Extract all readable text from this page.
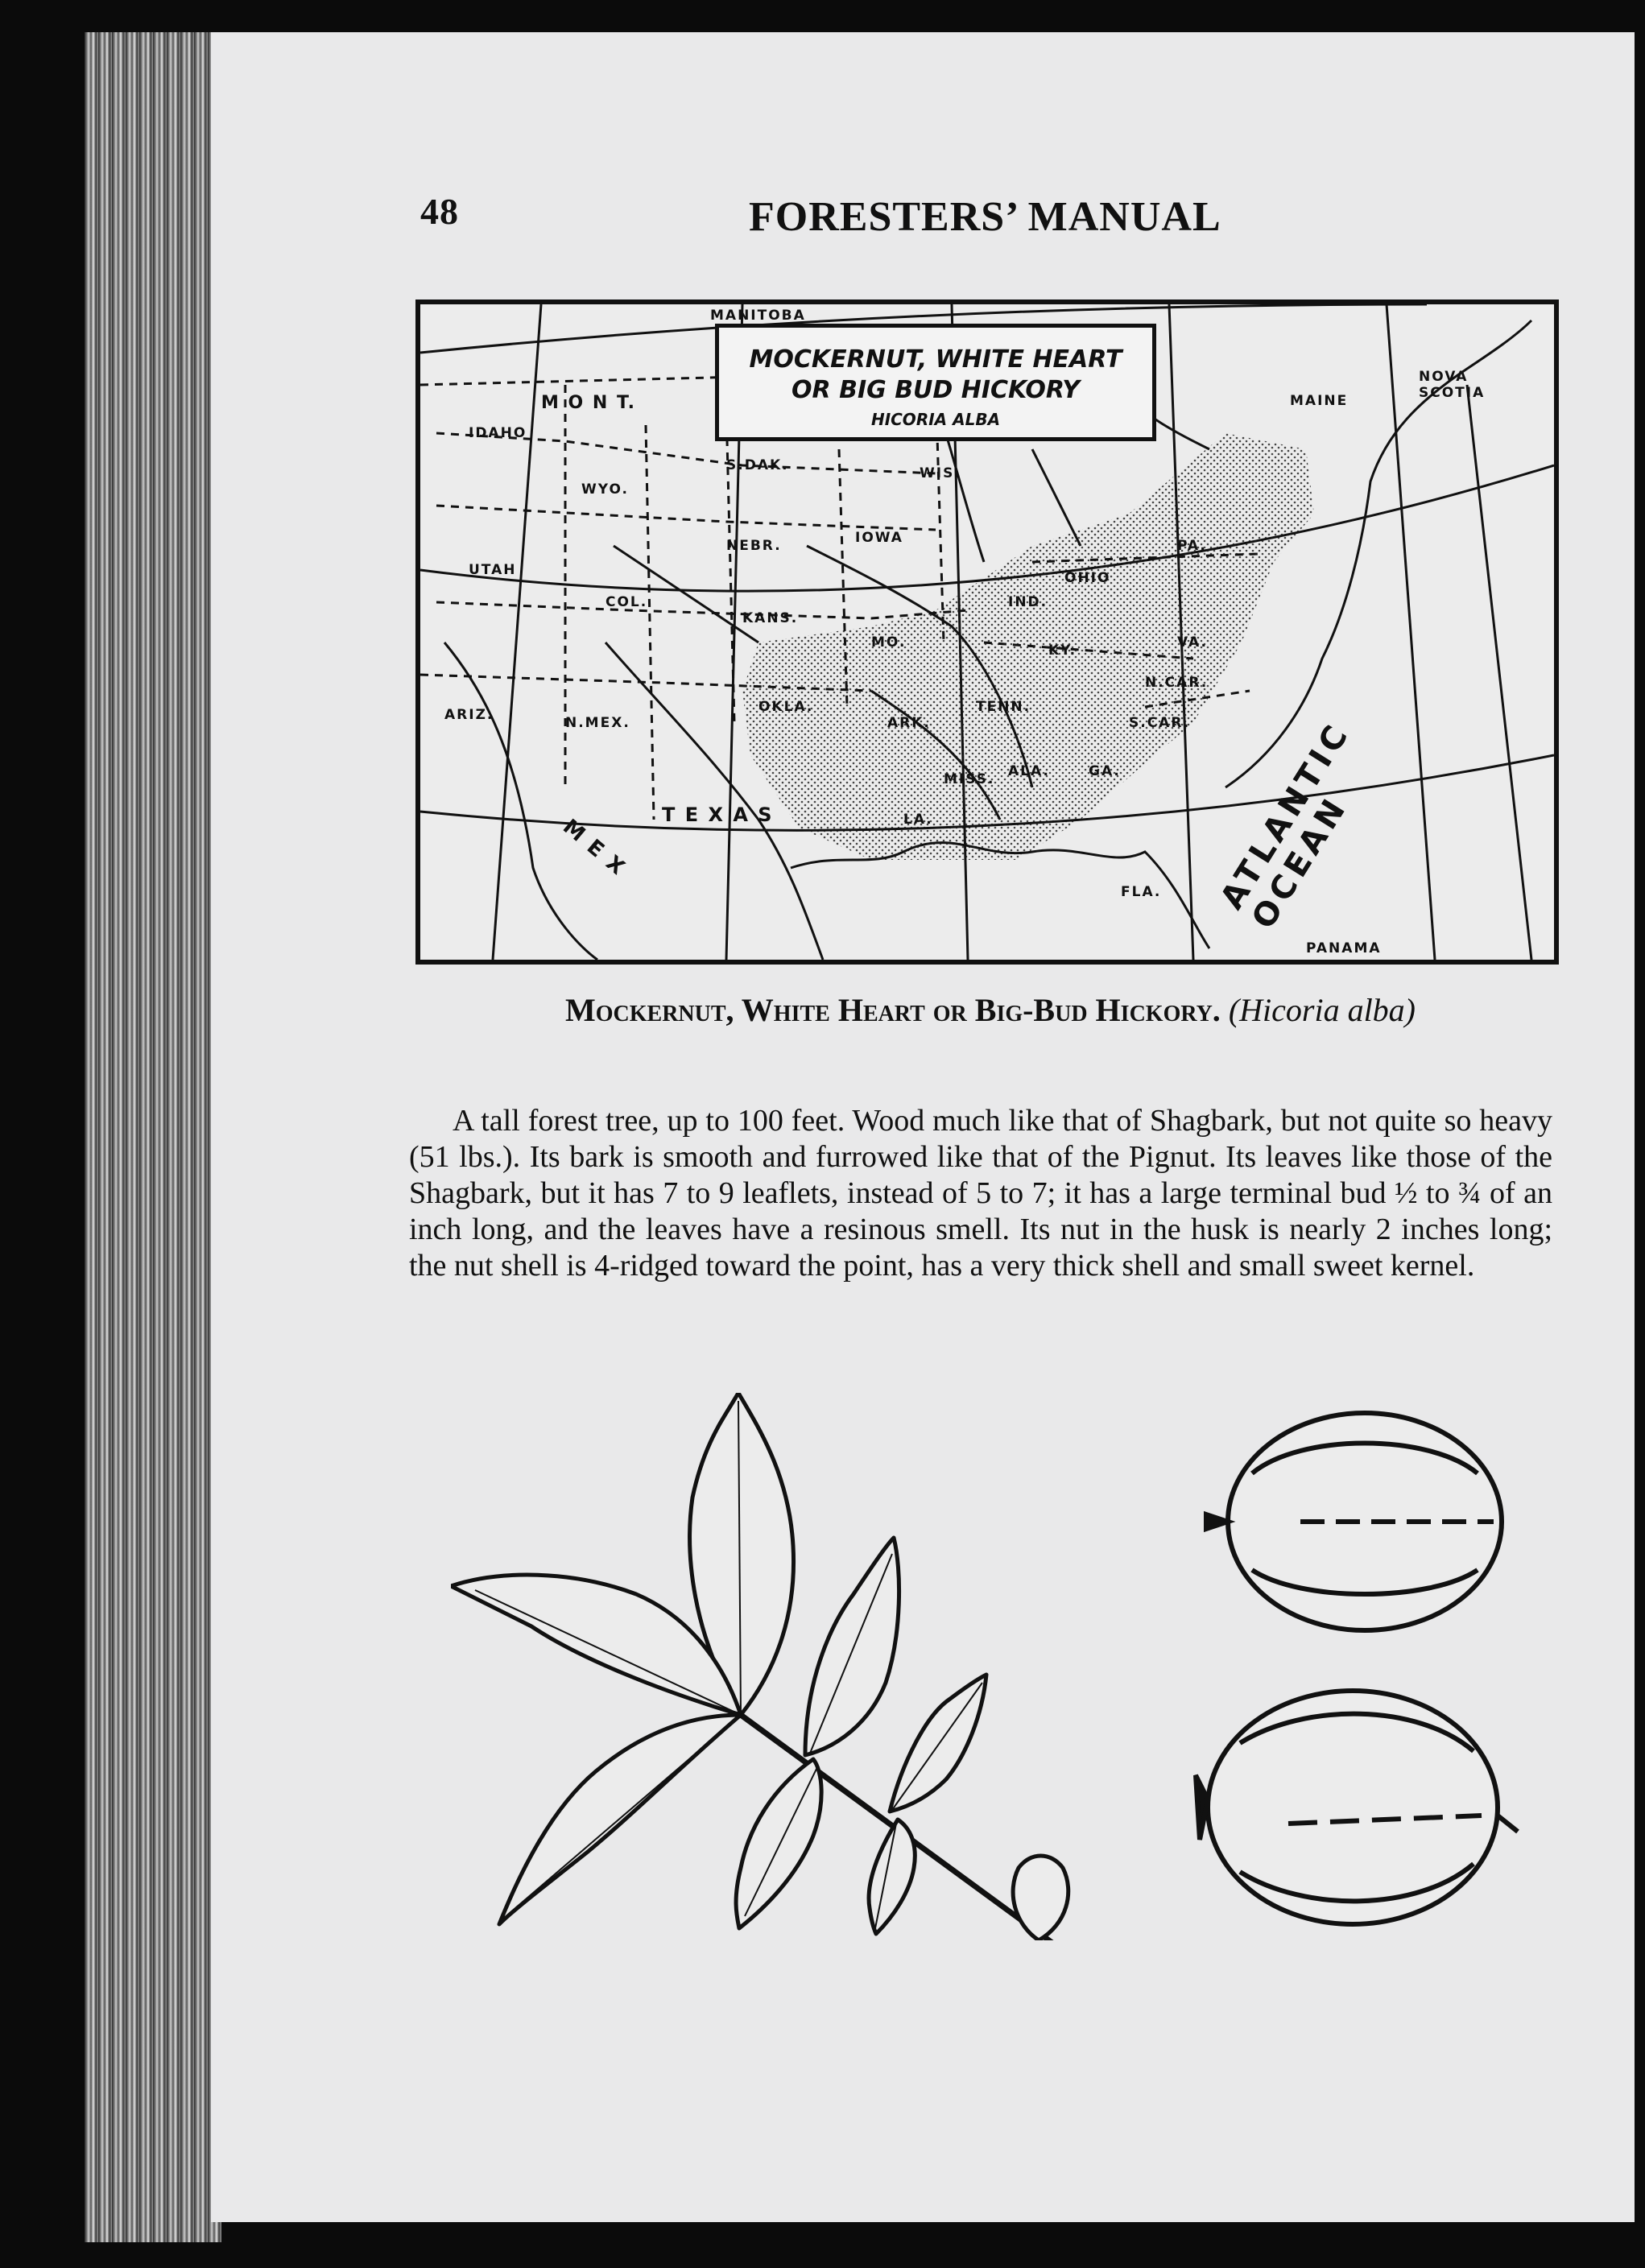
48	FORESTERS’ MANUAL
MANITOBA
M O N T.
IDAHO
WYO.
UTAH
COL.
ARIZ.	N.MEX.
S.DAK.
NEBR.
KANS.
OKLA.
T E X A S
IOWA
MO.
ARK.
WIS.
IND.
OHIO
KY.
TENN.
MISS. ALA.	GA.
FLA.
LA.
PA.
VA.
N.CAR.
S.CAR.
MAINE
NOVA SCOTIA
M E X
PANAMA
ATLANTIC OCEAN
MOCKERNUT, WHITE HEART
OR BIG BUD HICKORY
HICORIA ALBA
Mockernut, White Heart or Big-Bud Hickory. (Hicoria alba)
A tall forest tree, up to 100 feet. Wood much like that of Shagbark, but not quite so heavy (51 lbs.). Its bark is smooth and furrowed like that of the Pignut. Its leaves like those of the Shagbark, but it has 7 to 9 leaflets, instead of 5 to 7; it has a large terminal bud ½ to ¾ of an inch long, and the leaves have a resinous smell. Its nut in the husk is nearly 2 inches long; the nut shell is 4-ridged toward the point, has a very thick shell and small sweet kernel.
